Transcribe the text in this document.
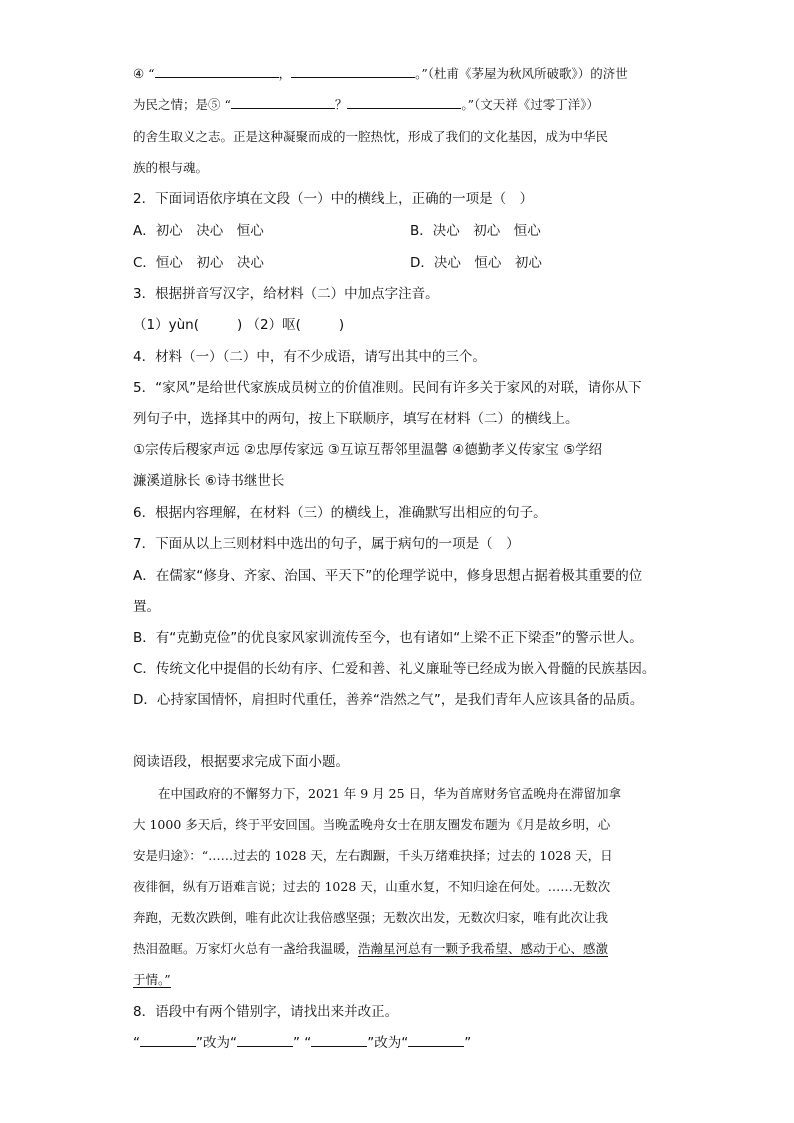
④ “	，	。”（杜甫《茅屋为秋风所破歌》）的济世
为民之情；是⑤ “	？	。”（文天祥《过零丁洋》）
的舍生取义之志。正是这种凝聚而成的一腔热忱，形成了我们的文化基因，成为中华民
族的根与魂。
2．下面词语依序填在文段（一）中的横线上，正确的一项是（　）
A．初心　决心　恒心	B．决心　初心　恒心
C．恒心　初心　决心	D．决心　恒心　初心
3．根据拼音写汉字，给材料（二）中加点字注音。
（1）yùn(	) （2）呕(	)
4．材料（一）（二）中，有不少成语，请写出其中的三个。
5．“家风”是给世代家族成员树立的价值准则。民间有许多关于家风的对联，请你从下
列句子中，选择其中的两句，按上下联顺序，填写在材料（二）的横线上。
①宗传后稷家声远 ②忠厚传家远 ③互谅互帮邻里温馨 ④德勤孝义传家宝 ⑤学绍
濂溪道脉长 ⑥诗书继世长
6．根据内容理解，在材料（三）的横线上，准确默写出相应的句子。
7．下面从以上三则材料中选出的句子，属于病句的一项是（　）
A．在儒家“修身、齐家、治国、平天下”的伦理学说中，修身思想占据着极其重要的位
置。
B．有“克勤克俭”的优良家风家训流传至今，也有诸如“上梁不正下梁歪”的警示世人。
C．传统文化中提倡的长幼有序、仁爱和善、礼义廉耻等已经成为嵌入骨髓的民族基因。
D．心持家国情怀，肩担时代重任，善养“浩然之气”，是我们青年人应该具备的品质。
阅读语段，根据要求完成下面小题。
　　在中国政府的不懈努力下，2021 年 9 月 25 日，华为首席财务官孟晚舟在滞留加拿
大 1000 多天后，终于平安回国。当晚孟晚舟女士在朋友圈发布题为《月是故乡明，心
安是归途》：“……过去的 1028 天，左右踟蹰，千头万绪难抉择；过去的 1028 天，日
夜徘徊，纵有万语难言说；过去的 1028 天，山重水复，不知归途在何处。……无数次
奔跑，无数次跌倒，唯有此次让我倍感坚强；无数次出发，无数次归家，唯有此次让我
热泪盈眶。万家灯火总有一盏给我温暖，浩瀚星河总有一颗予我希望、感动于心、感激
于情。”
8．语段中有两个错别字，请找出来并改正。
“	”改为“	” “	”改为“	”
